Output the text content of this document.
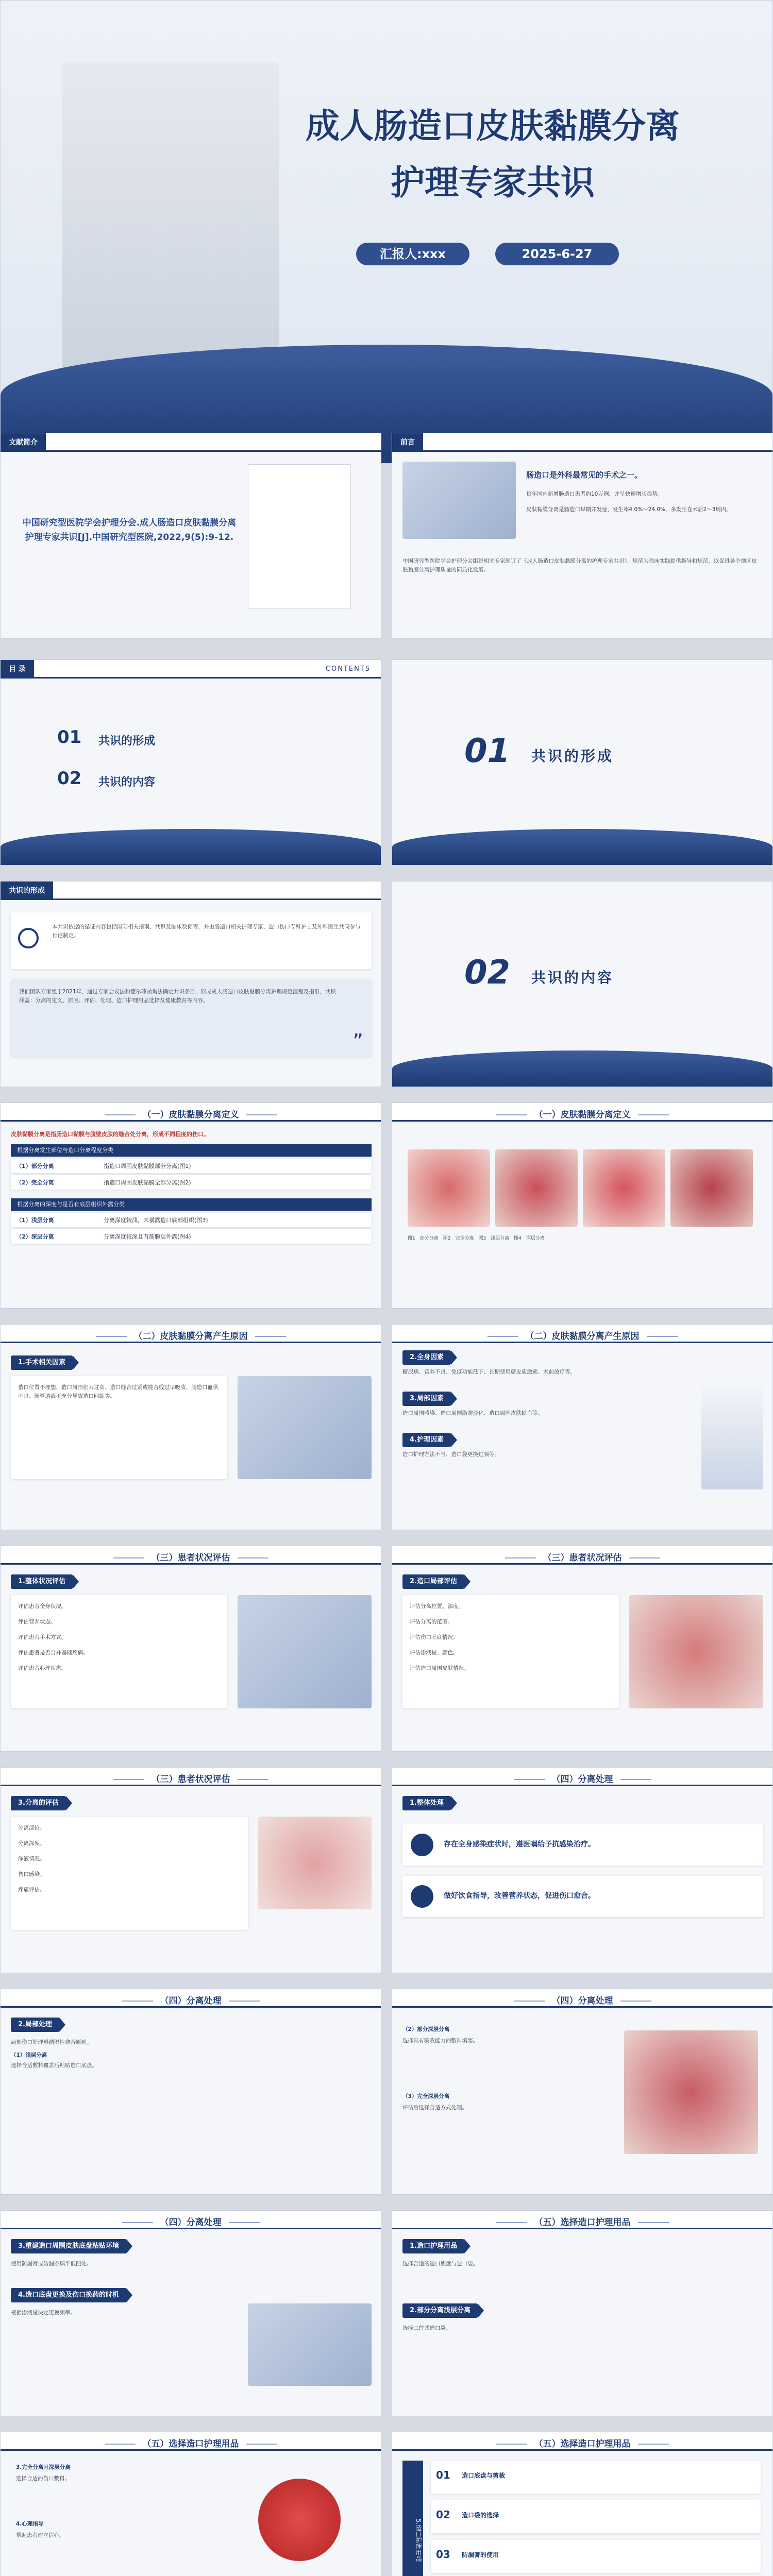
成人肠造口皮肤黏膜分离
护理专家共识
汇报人:xxx	2025-6-27
文献简介
中国研究型医院学会护理分会.成人肠造口皮肤黏膜分离护理专家共识[J].中国研究型医院,2022,9(5):9-12.
前言
肠造口是外科最常见的手术之一。
每年国内新增肠造口患者约10万例，并呈快速增长趋势。
皮肤黏膜分离是肠造口早期并发症，发生率4.0%～24.0%，多发生在术后2～3周内。
中国研究型医院学会护理分会组织相关专家制订了《成人肠造口皮肤黏膜分离的护理专家共识》，规范为临床实践提供指导和规范，以促进各个地区皮肤黏膜分离护理质量的同质化发展。
目 录	CONTENTS
01 共识的形成
02 共识的内容
01 共识的形成
共识的形成
本共识依据的循证内容包括国际相关指南、共识及临床数据等，并由肠造口相关护理专家、造口伤口专科护士及外科医生共同参与讨论制定。
我们团队专家组于2021年，通过专家会议法和德尔菲函询法确定共识条目，形成成人肠造口皮肤黏膜分离护理规范流程及指引，共识涵盖：分离的定义、原因、评估、处理、造口护理用品选择及健康教育等内容。
”
02 共识的内容
（一）皮肤黏膜分离定义
皮肤黏膜分离是指肠造口黏膜与腹壁皮肤的缝合处分离，形成不同程度的伤口。
根据分离发生部位与造口分离程度分类
（1）部分分离	指造口周围皮肤黏膜部分分离(图1)
（2）完全分离	指造口周围皮肤黏膜全部分离(图2)
根据分离的深度与是否有底层组织外露分类
（1）浅层分离	分离深度较浅，未暴露造口底部组织(图3)
（2）深层分离	分离深度较深且有筋膜层外露(图4)
（一）皮肤黏膜分离定义
图1　部分分离　图2　完全分离　图3　浅层分离　图4　深层分离
（二）皮肤黏膜分离产生原因
1.手术相关因素
造口位置不理想、造口周围张力过高、造口缝合过紧或缝合线过早吸收、肠造口血供不良、肠管游离不充分导致造口回缩等。
（二）皮肤黏膜分离产生原因
2.全身因素
糖尿病、营养不良、免疫功能低下、长期使用糖皮质激素、术前放疗等。
3.局部因素
造口周围感染、造口周围脂肪液化、造口周围皮肤缺血等。
4.护理因素
造口护理方法不当、造口袋更换过频等。
（三）患者状况评估
1.整体状况评估
评估患者全身状况。
评估营养状态。
评估患者手术方式。
评估患者是否合并基础疾病。
评估患者心理状态。
（三）患者状况评估
2.造口局部评估
评估分离位置、深度。
评估分离的范围。
评估伤口基底情况。
评估渗液量、颜色。
评估造口周围皮肤情况。
（三）患者状况评估
3.分离的评估
分离部位。
分离深度。
渗液情况。
伤口感染。
疼痛评估。
（四）分离处理
1.整体处理
存在全身感染症状时，遵医嘱给予抗感染治疗。
做好饮食指导，改善营养状态，促进伤口愈合。
（四）分离处理
2.局部处理
局部伤口处理遵循湿性愈合原则。
（1）浅层分离
选择合适敷料覆盖后粘贴造口底盘。
（四）分离处理
（2）部分深层分离
选择具有吸收能力的敷料填塞。
（3）完全深层分离
评估后选择合适方式处理。
（四）分离处理
3.重建造口周围皮肤底盘粘贴环境
使用防漏膏或防漏条填平低凹处。
4.造口底盘更换及伤口换药的时机
根据渗液量决定更换频率。
（五）选择造口护理用品
1.造口护理用品
选择合适的造口底盘与造口袋。
2.部分分离浅层分离
选择二件式造口袋。
（五）选择造口护理用品
3.完全分离且深层分离
选择合适的伤口敷料。
4.心理指导
帮助患者建立信心。
（五）选择造口护理用品
5.造口护理用品
01 造口底盘与剪裁
02 造口袋的选择
03 防漏膏的使用
